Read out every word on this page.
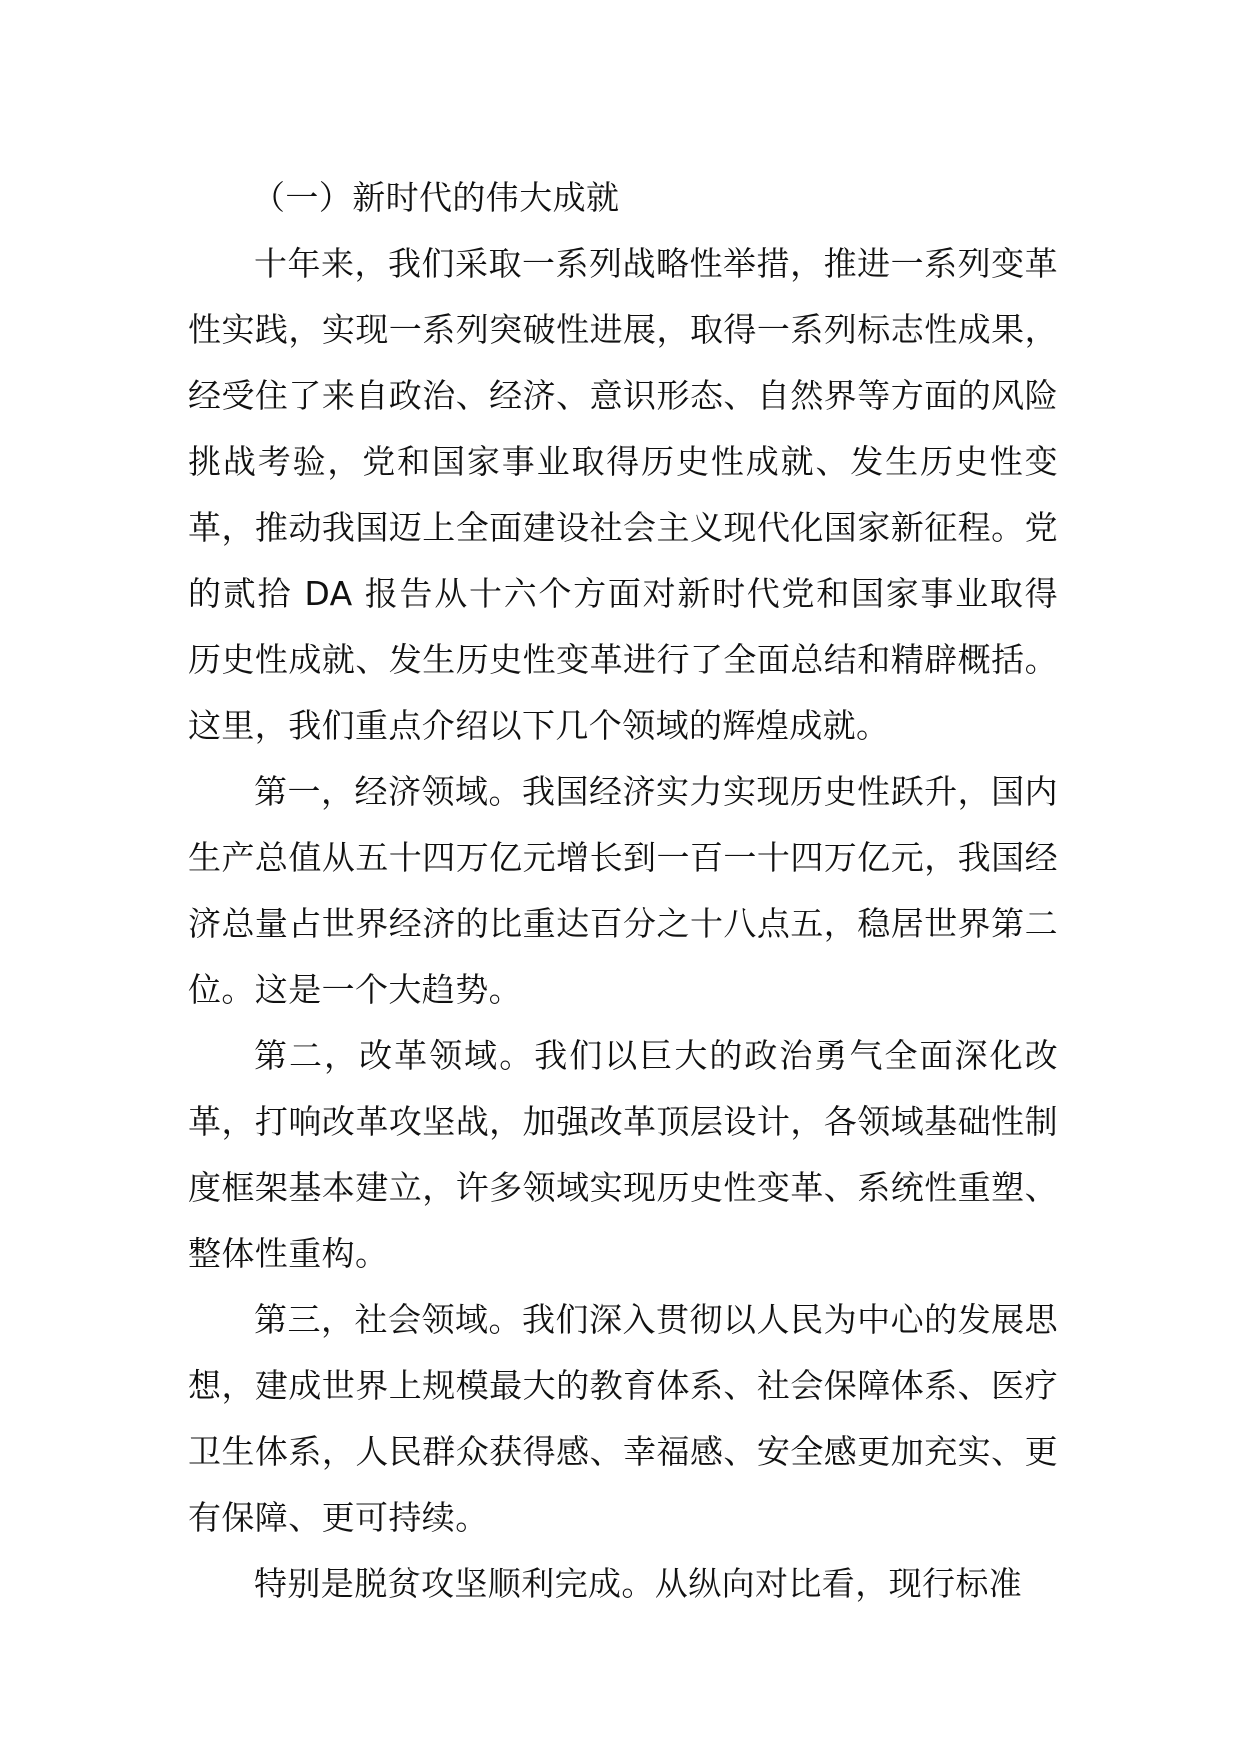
（一）新时代的伟大成就

十年来，我们采取一系列战略性举措，推进一系列变革性实践，实现一系列突破性进展，取得一系列标志性成果，经受住了来自政治、经济、意识形态、自然界等方面的风险挑战考验，党和国家事业取得历史性成就、发生历史性变革，推动我国迈上全面建设社会主义现代化国家新征程。党的贰拾 DA 报告从十六个方面对新时代党和国家事业取得历史性成就、发生历史性变革进行了全面总结和精辟概括。这里，我们重点介绍以下几个领域的辉煌成就。

第一，经济领域。我国经济实力实现历史性跃升，国内生产总值从五十四万亿元增长到一百一十四万亿元，我国经济总量占世界经济的比重达百分之十八点五，稳居世界第二位。这是一个大趋势。

第二，改革领域。我们以巨大的政治勇气全面深化改革，打响改革攻坚战，加强改革顶层设计，各领域基础性制度框架基本建立，许多领域实现历史性变革、系统性重塑、整体性重构。

第三，社会领域。我们深入贯彻以人民为中心的发展思想，建成世界上规模最大的教育体系、社会保障体系、医疗卫生体系，人民群众获得感、幸福感、安全感更加充实、更有保障、更可持续。

特别是脱贫攻坚顺利完成。从纵向对比看，现行标准
